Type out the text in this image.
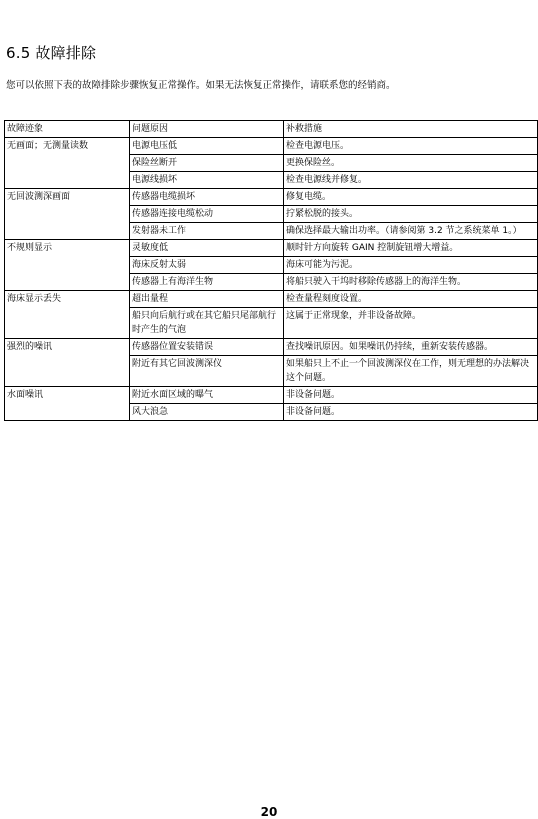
6.5 故障排除
您可以依照下表的故障排除步骤恢复正常操作。如果无法恢复正常操作，请联系您的经销商。
故障迹象	问题原因	补救措施
无画面；无测量读数	电源电压低	检查电源电压。
	保险丝断开	更换保险丝。
	电源线损坏	检查电源线并修复。
无回波测深画面	传感器电缆损坏	修复电缆。
	传感器连接电缆松动	拧紧松脱的接头。
	发射器未工作	确保选择最大输出功率。（请参阅第 3.2 节之系统菜单 1。）
不规则显示	灵敏度低	顺时针方向旋转 GAIN 控制旋钮增大增益。
	海床反射太弱	海床可能为污泥。
	传感器上有海洋生物	将船只驶入干坞时移除传感器上的海洋生物。
海床显示丢失	超出量程	检查量程刻度设置。
	船只向后航行或在其它船只尾部航行时产生的气泡	这属于正常现象，并非设备故障。
强烈的噪讯	传感器位置安装错误	查找噪讯原因。如果噪讯仍持续，重新安装传感器。
	附近有其它回波测深仪	如果船只上不止一个回波测深仪在工作，则无理想的办法解决这个问题。
水面噪讯	附近水面区域的曝气	非设备问题。
	风大浪急	非设备问题。
20
